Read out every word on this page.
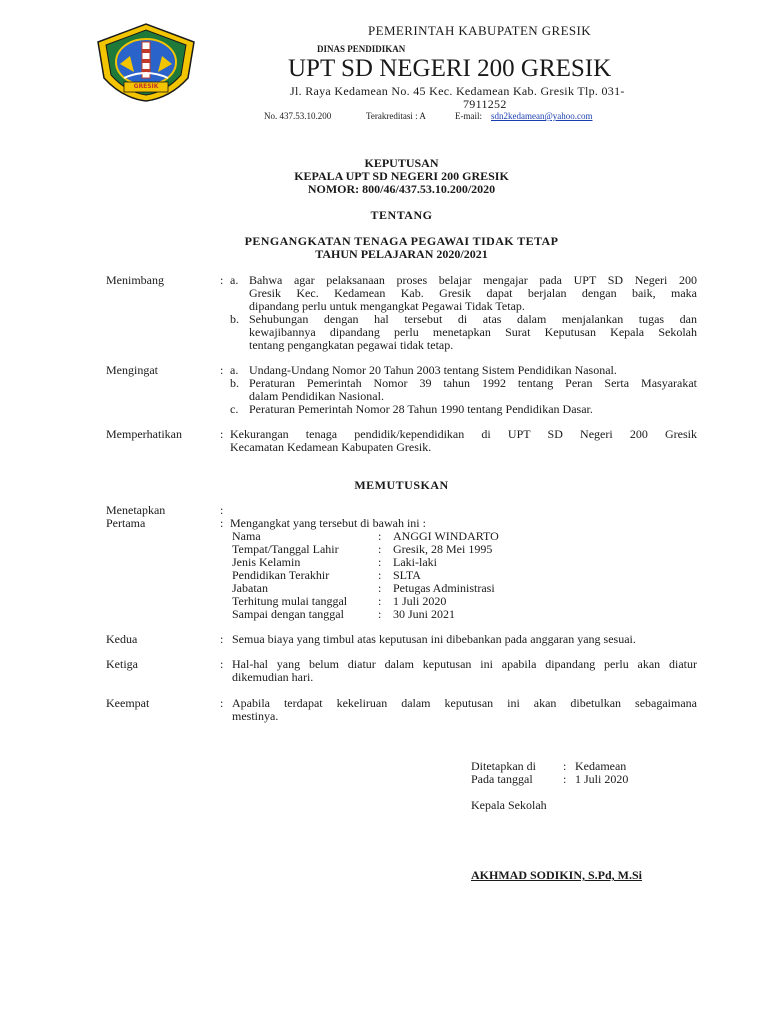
GRESIK
PEMERINTAH KABUPATEN GRESIK
DINAS PENDIDIKAN
UPT SD NEGERI 200 GRESIK
Jl. Raya Kedamean No. 45 Kec. Kedamean Kab. Gresik Tlp. 031-
7911252
No. 437.53.10.200	Terakreditasi : A	E-mail: sdn2kedamean@yahoo.com
KEPUTUSAN
KEPALA UPT SD NEGERI 200 GRESIK
NOMOR: 800/46/437.53.10.200/2020
TENTANG
PENGANGKATAN TENAGA PEGAWAI TIDAK TETAP
TAHUN PELAJARAN 2020/2021
Menimbang	: a. Bahwa agar pelaksanaan proses belajar mengajar pada UPT SD Negeri 200
Gresik Kec. Kedamean Kab. Gresik dapat berjalan dengan baik, maka
dipandang perlu untuk mengangkat Pegawai Tidak Tetap.
b. Sehubungan dengan hal tersebut di atas dalam menjalankan tugas dan
kewajibannya dipandang perlu menetapkan Surat Keputusan Kepala Sekolah
tentang pengangkatan pegawai tidak tetap.
Mengingat	: a. Undang-Undang Nomor 20 Tahun 2003 tentang Sistem Pendidikan Nasonal.
b. Peraturan Pemerintah Nomor 39 tahun 1992 tentang Peran Serta Masyarakat
dalam Pendidikan Nasional.
c. Peraturan Pemerintah Nomor 28 Tahun 1990 tentang Pendidikan Dasar.
Memperhatikan	: Kekurangan tenaga pendidik/kependidikan di UPT SD Negeri 200 Gresik
Kecamatan Kedamean Kabupaten Gresik.
MEMUTUSKAN
Menetapkan	:
Pertama	: Mengangkat yang tersebut di bawah ini :
Nama	: ANGGI WINDARTO
Tempat/Tanggal Lahir	: Gresik, 28 Mei 1995
Jenis Kelamin	: Laki-laki
Pendidikan Terakhir	: SLTA
Jabatan	: Petugas Administrasi
Terhitung mulai tanggal	: 1 Juli 2020
Sampai dengan tanggal	: 30 Juni 2021
Kedua	: Semua biaya yang timbul atas keputusan ini dibebankan pada anggaran yang sesuai.
Ketiga	: Hal-hal yang belum diatur dalam keputusan ini apabila dipandang perlu akan diatur
dikemudian hari.
Keempat	: Apabila terdapat kekeliruan dalam keputusan ini akan dibetulkan sebagaimana
mestinya.
Ditetapkan di : Kedamean
Pada tanggal	: 1 Juli 2020
Kepala Sekolah
AKHMAD SODIKIN, S.Pd, M.Si
